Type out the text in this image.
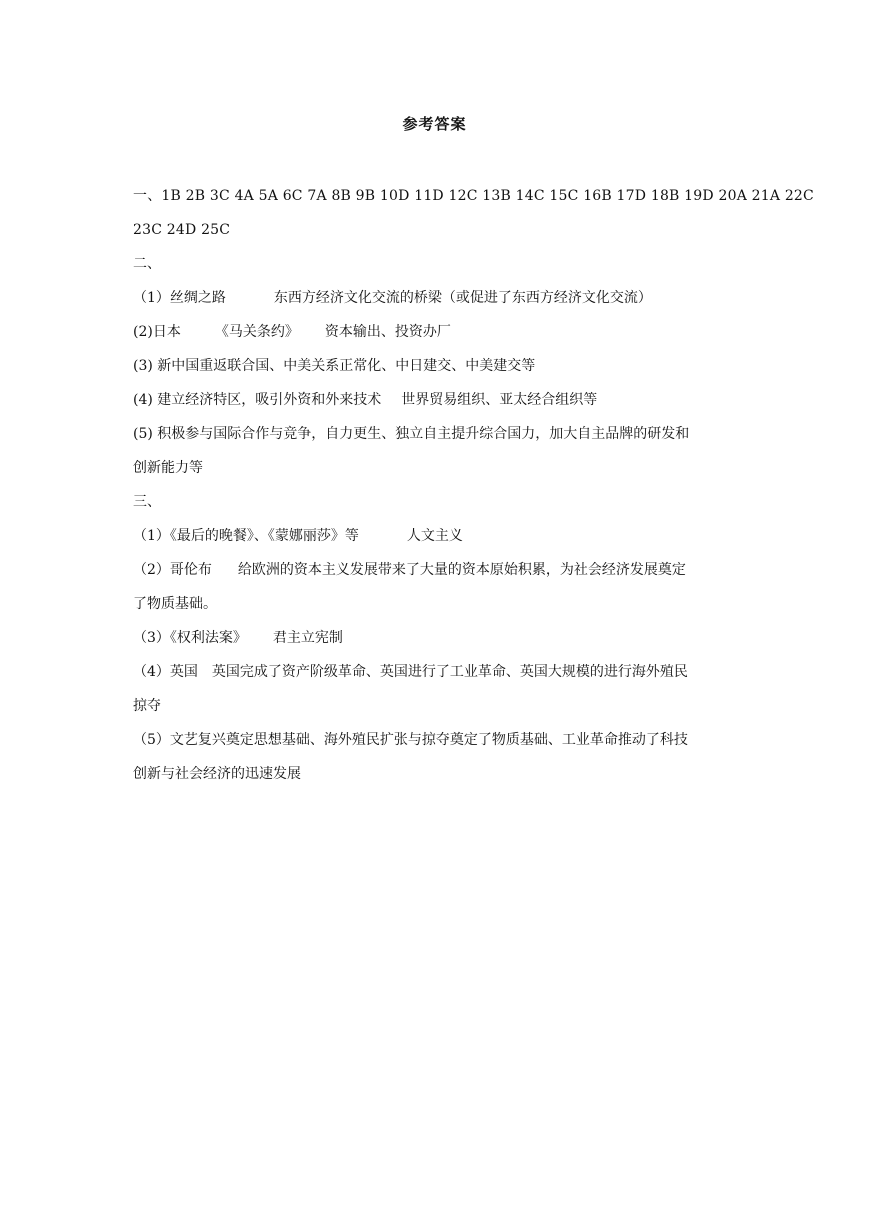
参考答案
一、1B 2B 3C 4A 5A 6C 7A 8B 9B 10D 11D 12C 13B 14C 15C 16B 17D 18B 19D 20A 21A 22C
23C 24D 25C
二、
（1）丝绸之路	东西方经济文化交流的桥梁（或促进了东西方经济文化交流）
(2)日本 《马关条约》 资本输出、投资办厂
(3) 新中国重返联合国、中美关系正常化、中日建交、中美建交等
(4) 建立经济特区，吸引外资和外来技术 世界贸易组织、亚太经合组织等
(5) 积极参与国际合作与竞争，自力更生、独立自主提升综合国力，加大自主品牌的研发和
创新能力等
三、
（1）《最后的晚餐》、《蒙娜丽莎》等	人文主义
（2）哥伦布 给欧洲的资本主义发展带来了大量的资本原始积累，为社会经济发展奠定
了物质基础。
（3）《权利法案》 君主立宪制
（4）英国 英国完成了资产阶级革命、英国进行了工业革命、英国大规模的进行海外殖民
掠夺
（5）文艺复兴奠定思想基础、海外殖民扩张与掠夺奠定了物质基础、工业革命推动了科技
创新与社会经济的迅速发展
